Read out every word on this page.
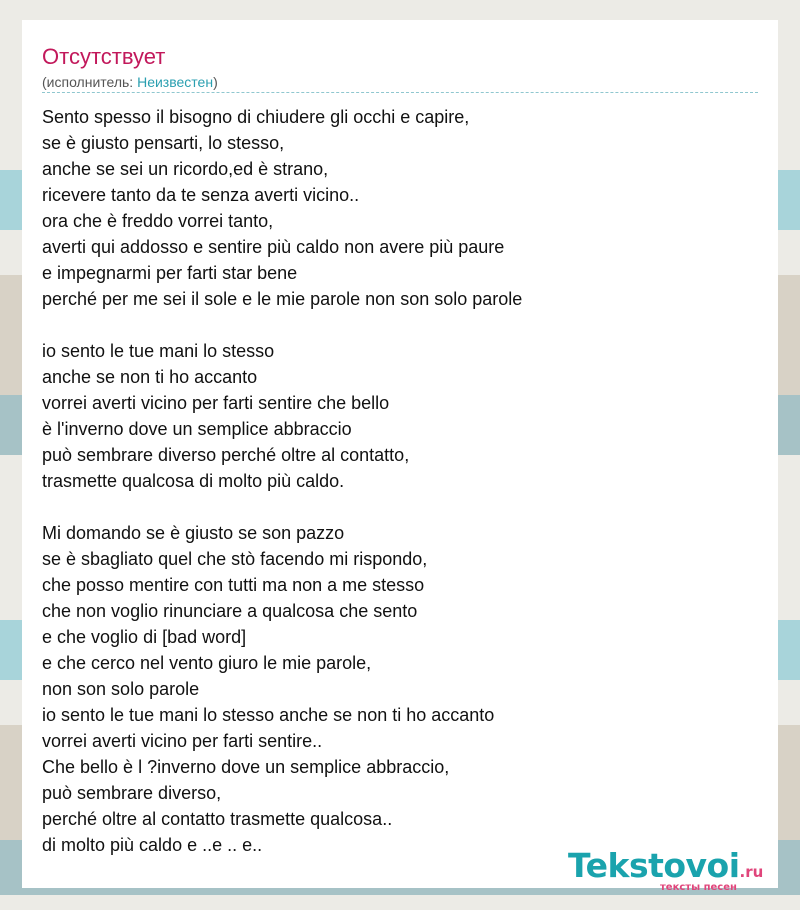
Отсутствует
(исполнитель: Неизвестен)
Sento spesso il bisogno di chiudere gli occhi e capire,
se è giusto pensarti, lo stesso,
anche se sei un ricordo,ed è strano,
ricevere tanto da te senza averti vicino..
ora che è freddo vorrei tanto,
averti qui addosso e sentire più caldo non avere più paure
e impegnarmi per farti star bene
perché per me sei il sole e le mie parole non son solo parole
io sento le tue mani lo stesso
anche se non ti ho accanto
vorrei averti vicino per farti sentire che bello
è l'inverno dove un semplice abbraccio
può sembrare diverso perché oltre al contatto,
trasmette qualcosa di molto più caldo.
Mi domando se è giusto se son pazzo
se è sbagliato quel che stò facendo mi rispondo,
che posso mentire con tutti ma non a me stesso
che non voglio rinunciare a qualcosa che sento
e che voglio di [bad word]
e che cerco nel vento giuro le mie parole,
non son solo parole
io sento le tue mani lo stesso anche se non ti ho accanto
vorrei averti vicino per farti sentire..
Che bello è l ?inverno dove un semplice abbraccio,
può sembrare diverso,
perché oltre al contatto trasmette qualcosa..
di molto più caldo e ..e .. e..
Tekstovoi.ru
тексты песен
